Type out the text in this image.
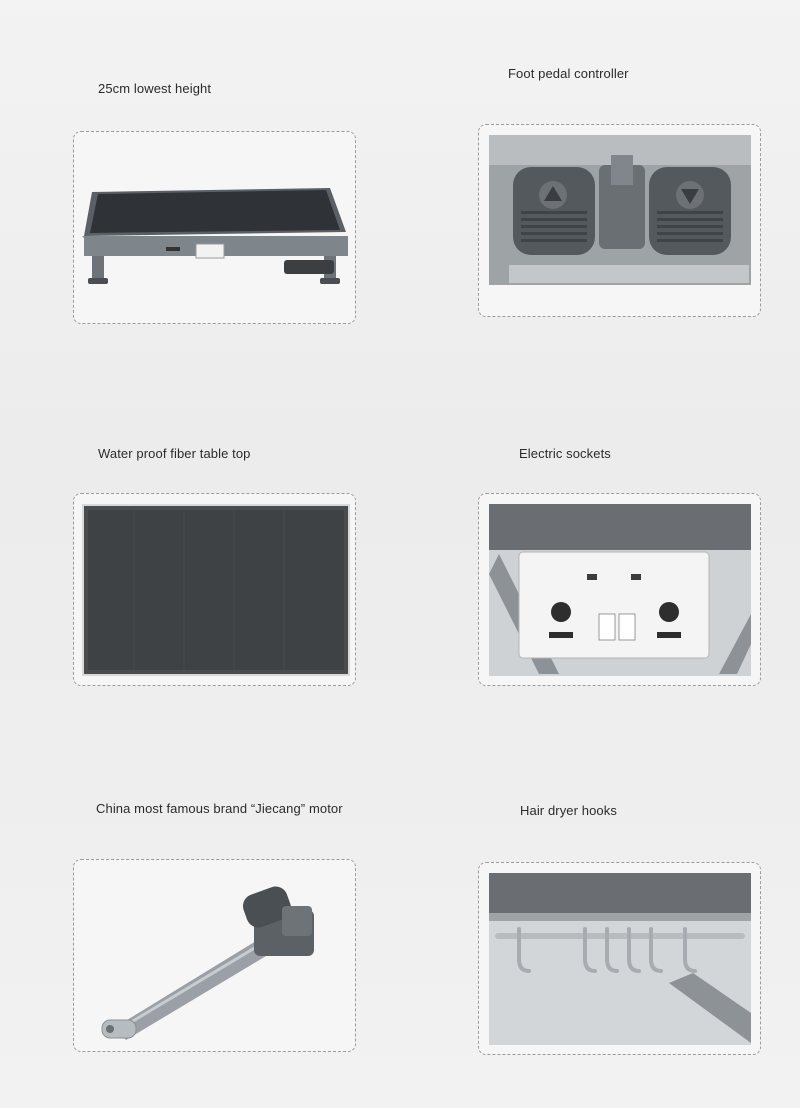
25cm lowest height
Foot pedal controller
Water proof fiber table top	Electric sockets
China most famous brand “Jiecang” motor	Hair dryer hooks
